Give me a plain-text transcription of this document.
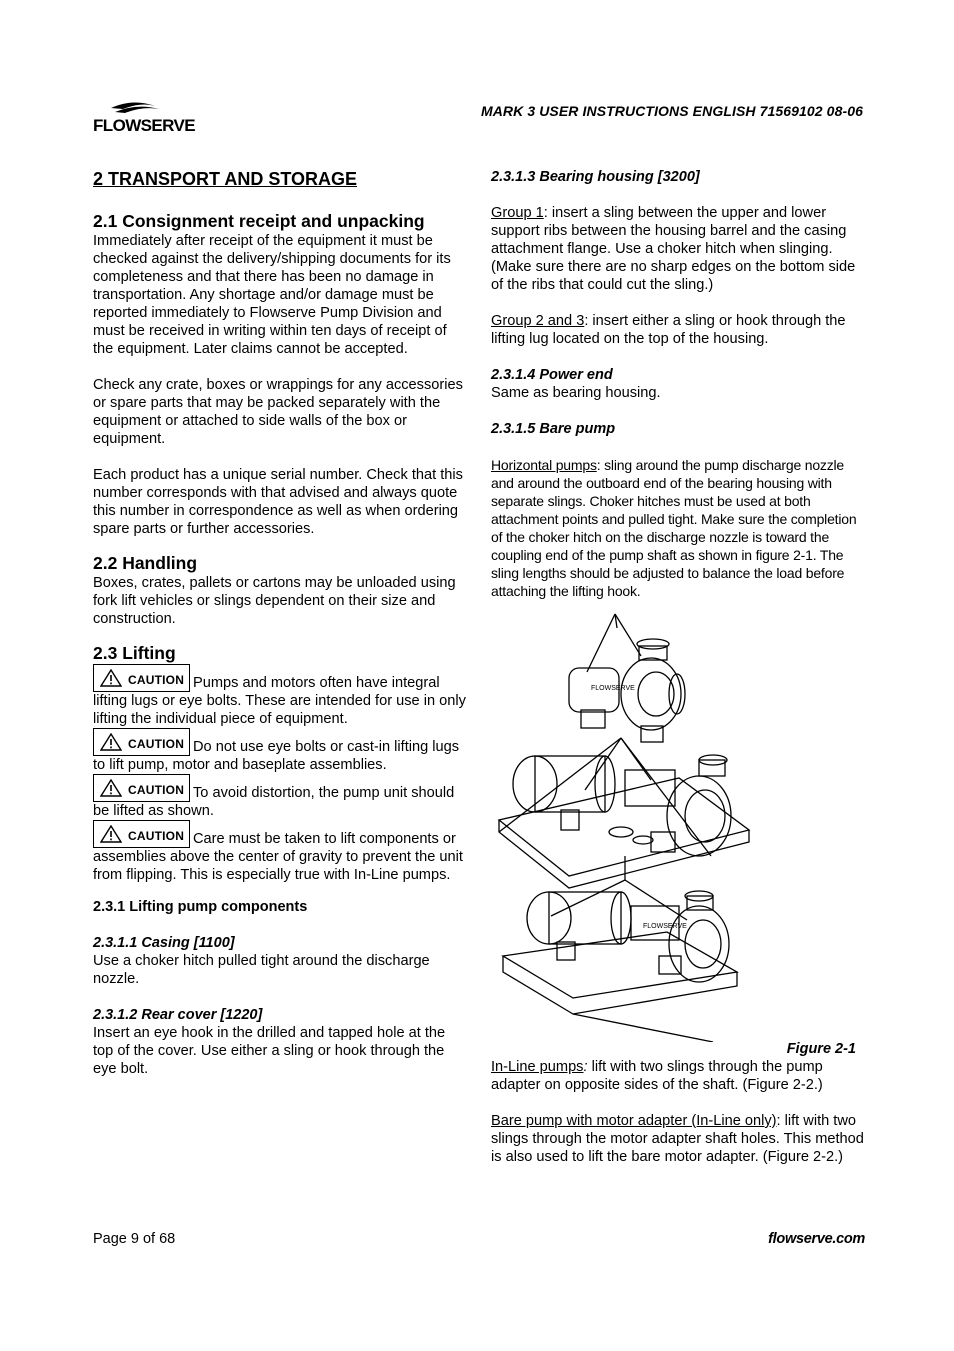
FLOWSERVE
MARK 3 USER INSTRUCTIONS ENGLISH 71569102 08-06
2 TRANSPORT AND STORAGE
2.1 Consignment receipt and unpacking

Immediately after receipt of the equipment it must be checked against the delivery/shipping documents for its completeness and that there has been no damage in transportation. Any shortage and/or damage must be reported immediately to Flowserve Pump Division and must be received in writing within ten days of receipt of the equipment. Later claims cannot be accepted.

Check any crate, boxes or wrappings for any accessories or spare parts that may be packed separately with the equipment or attached to side walls of the box or equipment.

Each product has a unique serial number. Check that this number corresponds with that advised and always quote this number in correspondence as well as when ordering spare parts or further accessories.

2.2 Handling

Boxes, crates, pallets or cartons may be unloaded using fork lift vehicles or slings dependent on their size and construction.

2.3 Lifting

CAUTION Pumps and motors often have integral lifting lugs or eye bolts. These are intended for use in only lifting the individual piece of equipment.

CAUTION Do not use eye bolts or cast-in lifting lugs to lift pump, motor and baseplate assemblies.

CAUTION To avoid distortion, the pump unit should be lifted as shown.

CAUTION Care must be taken to lift components or assemblies above the center of gravity to prevent the unit from flipping. This is especially true with In-Line pumps.

2.3.1 Lifting pump components
2.3.1.1 Casing [1100]

Use a choker hitch pulled tight around the discharge nozzle.

2.3.1.2 Rear cover [1220]

Insert an eye hook in the drilled and tapped hole at the top of the cover. Use either a sling or hook through the eye bolt.

2.3.1.3 Bearing housing [3200]

Group 1: insert a sling between the upper and lower support ribs between the housing barrel and the casing attachment flange. Use a choker hitch when slinging. (Make sure there are no sharp edges on the bottom side of the ribs that could cut the sling.)

Group 2 and 3: insert either a sling or hook through the lifting lug located on the top of the housing.

2.3.1.4 Power end

Same as bearing housing.

2.3.1.5 Bare pump

Horizontal pumps: sling around the pump discharge nozzle and around the outboard end of the bearing housing with separate slings. Choker hitches must be used at both attachment points and pulled tight. Make sure the completion of the choker hitch on the discharge nozzle is toward the coupling end of the pump shaft as shown in figure 2-1. The sling lengths should be adjusted to balance the load before attaching the lifting hook.

FLOWSERVE
FLOWSERVE
Figure 2-1

In-Line pumps: lift with two slings through the pump adapter on opposite sides of the shaft. (Figure 2-2.)

Bare pump with motor adapter (In-Line only): lift with two slings through the motor adapter shaft holes. This method is also used to lift the bare motor adapter. (Figure 2-2.)

Page 9 of 68	flowserve.com
